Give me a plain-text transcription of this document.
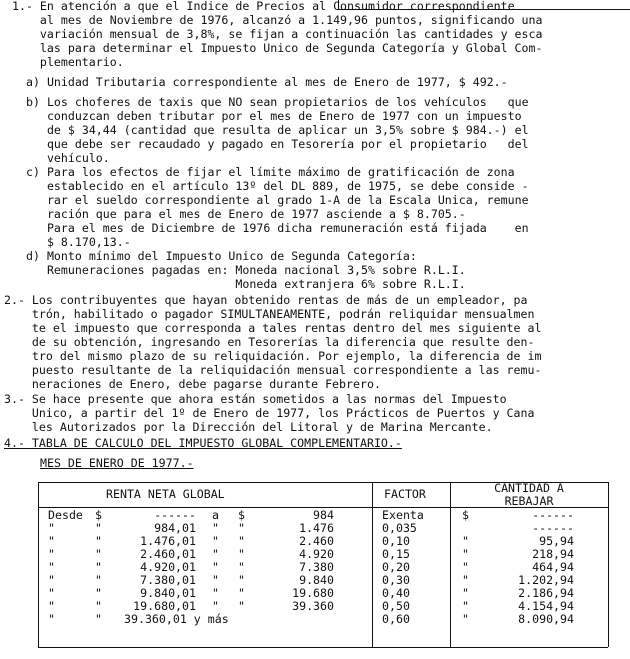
1.- En atención a que el Indice de Precios al Consumidor correspondiente
al mes de Noviembre de 1976, alcanzó a 1.149,96 puntos, significando una
variación mensual de 3,8%, se fijan a continuación las cantidades y esca
las para determinar el Impuesto Unico de Segunda Categoría y Global Com-
plementario.
a) Unidad Tributaria correspondiente al mes de Enero de 1977, $ 492.-
b) Los choferes de taxis que NO sean propietarios de los vehículos   que
conduzcan deben tributar por el mes de Enero de 1977 con un impuesto
de $ 34,44 (cantidad que resulta de aplicar un 3,5% sobre $ 984.-) el
que debe ser recaudado y pagado en Tesorería por el propietario   del
vehículo.
c) Para los efectos de fijar el límite máximo de gratificación de zona
establecido en el artículo 13º del DL 889, de 1975, se debe conside -
rar el sueldo correspondiente al grado 1-A de la Escala Unica, remune
ración que para el mes de Enero de 1977 asciende a $ 8.705.-
Para el mes de Diciembre de 1976 dicha remuneración está fijada    en
$ 8.170,13.-
d) Monto mínimo del Impuesto Unico de Segunda Categoría:
Remuneraciones pagadas en: Moneda nacional 3,5% sobre R.L.I.
Moneda extranjera 6% sobre R.L.I.
2.- Los contribuyentes que hayan obtenido rentas de más de un empleador, pa
trón, habilitado o pagador SIMULTANEAMENTE, podrán reliquidar mensualmen
te el impuesto que corresponda a tales rentas dentro del mes siguiente al
de su obtención, ingresando en Tesorerías la diferencia que resulte den-
tro del mismo plazo de su reliquidación. Por ejemplo, la diferencia de im
puesto resultante de la reliquidación mensual correspondiente a las remu-
neraciones de Enero, debe pagarse durante Febrero.
3.- Se hace presente que ahora están sometidos a las normas del Impuesto
Unico, a partir del 1º de Enero de 1977, los Prácticos de Puertos y Cana
les Autorizados por la Dirección del Litoral y de Marina Mercante.
4.- TABLA DE CALCULO DEL IMPUESTO GLOBAL COMPLEMENTARIO.-
MES DE ENERO DE 1977.-
RENTA NETA GLOBAL	FACTOR	CANTIDAD A
REBAJAR
Desde	$	------ a	$	984	Exenta	$	------
"	"	984,01 "	"	1.476	0,035	------
"	"	1.476,01 "	"	2.460	0,10	"	95,94
"	"	2.460,01 "	"	4.920	0,15	"	218,94
"	"	4.920,01 "	"	7.380	0,20	"	464,94
"	"	7.380,01 "	"	9.840	0,30	"	1.202,94
"	"	9.840,01 "	"	19.680	0,40	"	2.186,94
"	"	19.680,01 "	"	39.360	0,50	"	4.154,94
"	"	39.360,01 y más	0,60	"	8.090,94
